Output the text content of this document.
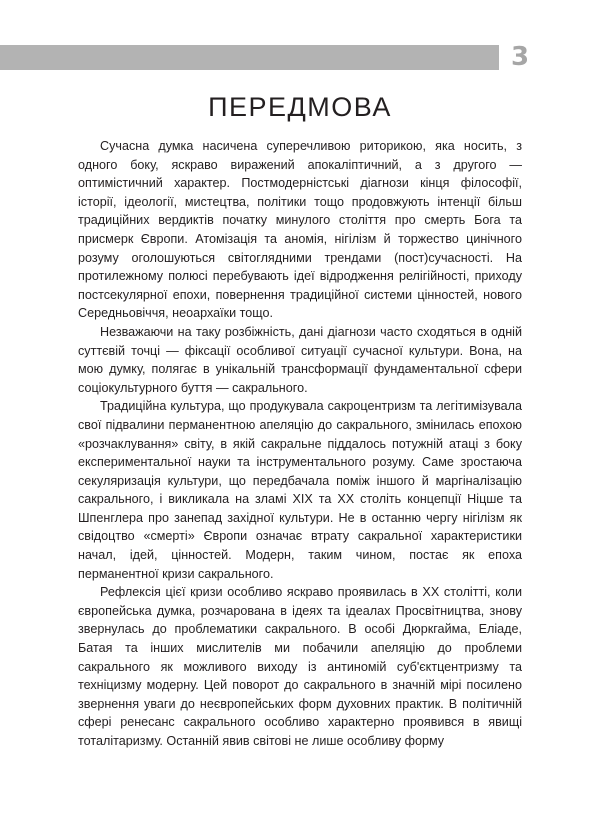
3
ПЕРЕДМОВА

Сучасна думка насичена суперечливою риторикою, яка носить, з одного боку, яскраво виражений апокаліптичний, а з другого — оптимістичний характер. Постмодерністські діагнози кінця філософії, історії, ідеології, мистецтва, політики тощо продовжують інтенції більш традиційних вердиктів початку минулого століття про смерть Бога та присмерк Європи. Атомізація та аномія, нігілізм й торжество цинічного розуму оголошуються світоглядними трендами (пост)сучасності. На протилежному полюсі перебувають ідеї відродження релігійності, приходу постсекулярної епохи, повернення традиційної системи цінностей, нового Середньовіччя, неоархаїки тощо.

Незважаючи на таку розбіжність, дані діагнози часто сходяться в одній суттєвій точці — фіксації особливої ситуації сучасної культури. Вона, на мою думку, полягає в унікальній трансформації фундаментальної сфери соціокультурного буття — сакрального.

Традиційна культура, що продукувала сакроцентризм та легітимізувала свої підвалини перманентною апеляцію до сакрального, змінилась епохою «розчаклування» світу, в якій сакральне піддалось потужній атаці з боку експериментальної науки та інструментального розуму. Саме зростаюча секуляризація культури, що передбачала поміж іншого й маргіналізацію сакрального, і викликала на зламі XIX та XX століть концепції Ніцше та Шпенглера про занепад західної культури. Не в останню чергу нігілізм як свідоцтво «смерті» Європи означає втрату сакральної характеристики начал, ідей, цінностей. Модерн, таким чином, постає як епоха перманентної кризи сакрального.

Рефлексія цієї кризи особливо яскраво проявилась в XX столітті, коли європейська думка, розчарована в ідеях та ідеалах Просвітництва, знову звернулась до проблематики сакрального. В особі Дюркгайма, Еліаде, Батая та інших мислителів ми побачили апеляцію до проблеми сакрального як можливого виходу із антиномій суб'єктцентризму та техніцизму модерну. Цей поворот до сакрального в значній мірі посилено звернення уваги до неєвропейських форм духовних практик. В політичній сфері ренесанс сакрального особливо характерно проявився в явищі тоталітаризму. Останній явив світові не лише особливу форму
